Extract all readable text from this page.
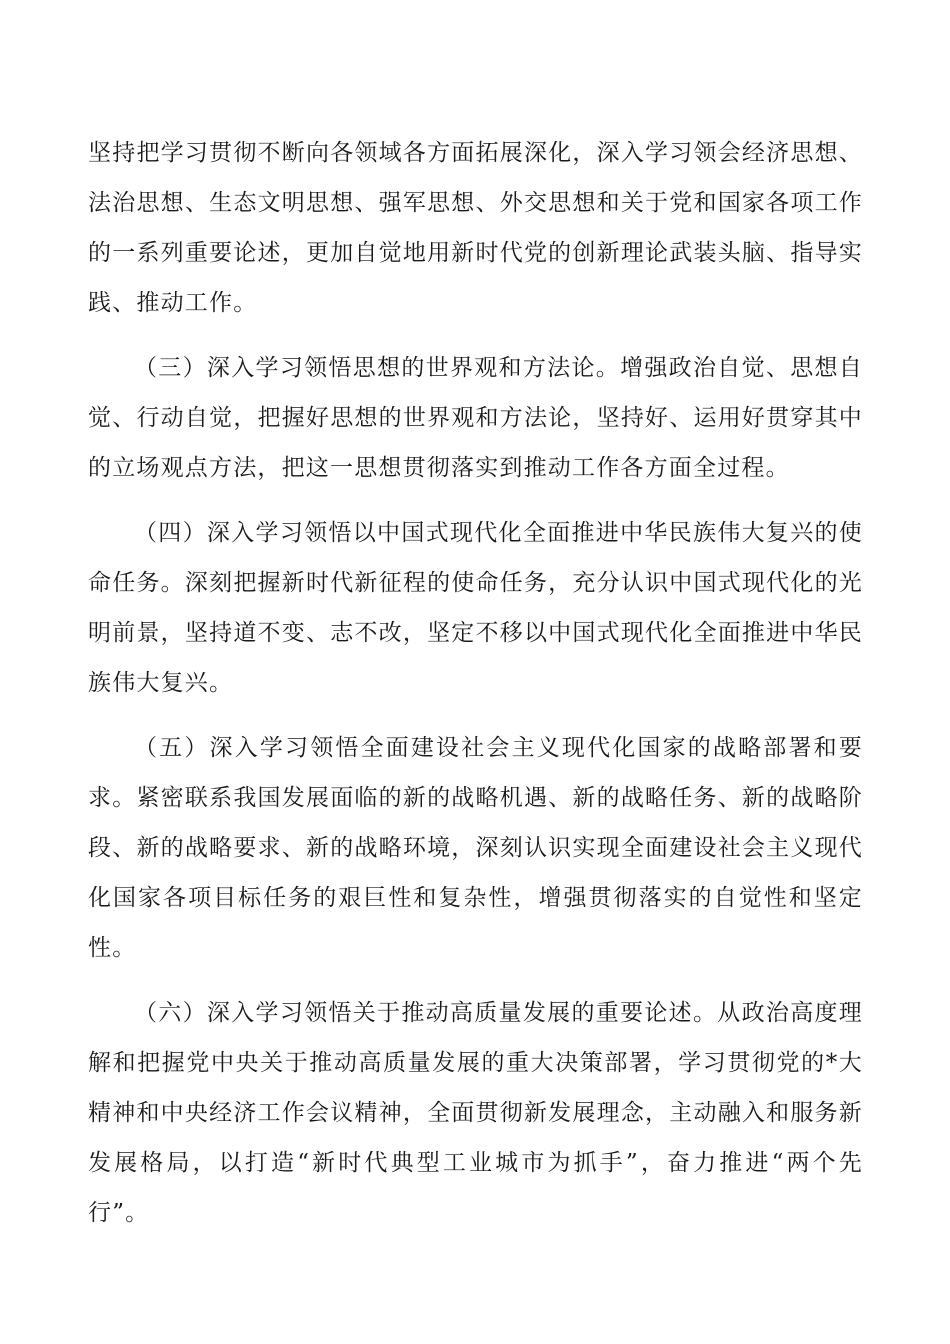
坚持把学习贯彻不断向各领域各方面拓展深化，深入学习领会经济思想、法治思想、生态文明思想、强军思想、外交思想和关于党和国家各项工作的一系列重要论述，更加自觉地用新时代党的创新理论武装头脑、指导实践、推动工作。

（三）深入学习领悟思想的世界观和方法论。增强政治自觉、思想自觉、行动自觉，把握好思想的世界观和方法论，坚持好、运用好贯穿其中的立场观点方法，把这一思想贯彻落实到推动工作各方面全过程。

（四）深入学习领悟以中国式现代化全面推进中华民族伟大复兴的使命任务。深刻把握新时代新征程的使命任务，充分认识中国式现代化的光明前景，坚持道不变、志不改，坚定不移以中国式现代化全面推进中华民族伟大复兴。

（五）深入学习领悟全面建设社会主义现代化国家的战略部署和要求。紧密联系我国发展面临的新的战略机遇、新的战略任务、新的战略阶段、新的战略要求、新的战略环境，深刻认识实现全面建设社会主义现代化国家各项目标任务的艰巨性和复杂性，增强贯彻落实的自觉性和坚定性。

（六）深入学习领悟关于推动高质量发展的重要论述。从政治高度理解和把握党中央关于推动高质量发展的重大决策部署，学习贯彻党的*大精神和中央经济工作会议精神，全面贯彻新发展理念，主动融入和服务新发展格局，以打造“新时代典型工业城市为抓手”，奋力推进“两个先行”。
